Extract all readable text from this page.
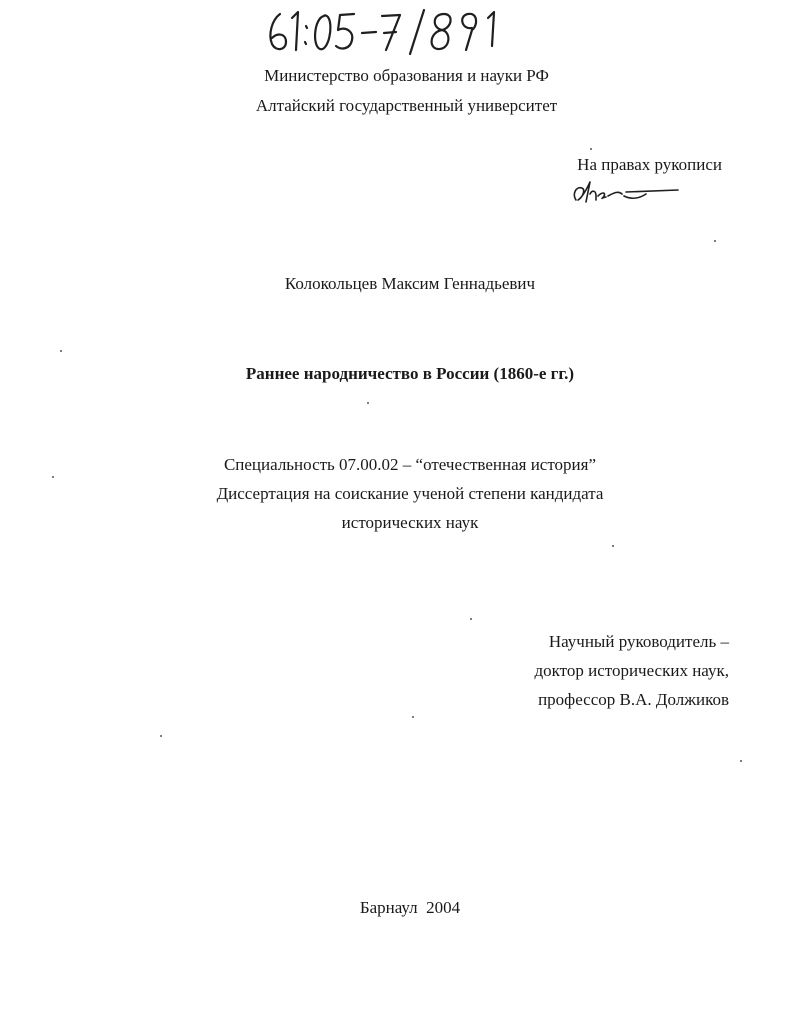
Министерство образования и науки РФ
Алтайский государственный университет
На правах рукописи
Колокольцев Максим Геннадьевич
Раннее народничество в России (1860-е гг.)
Специальность 07.00.02 – “отечественная история”
Диссертация на соискание ученой степени кандидата
исторических наук
Научный руководитель –
доктор исторических наук,
профессор В.А. Должиков
Барнаул  2004
